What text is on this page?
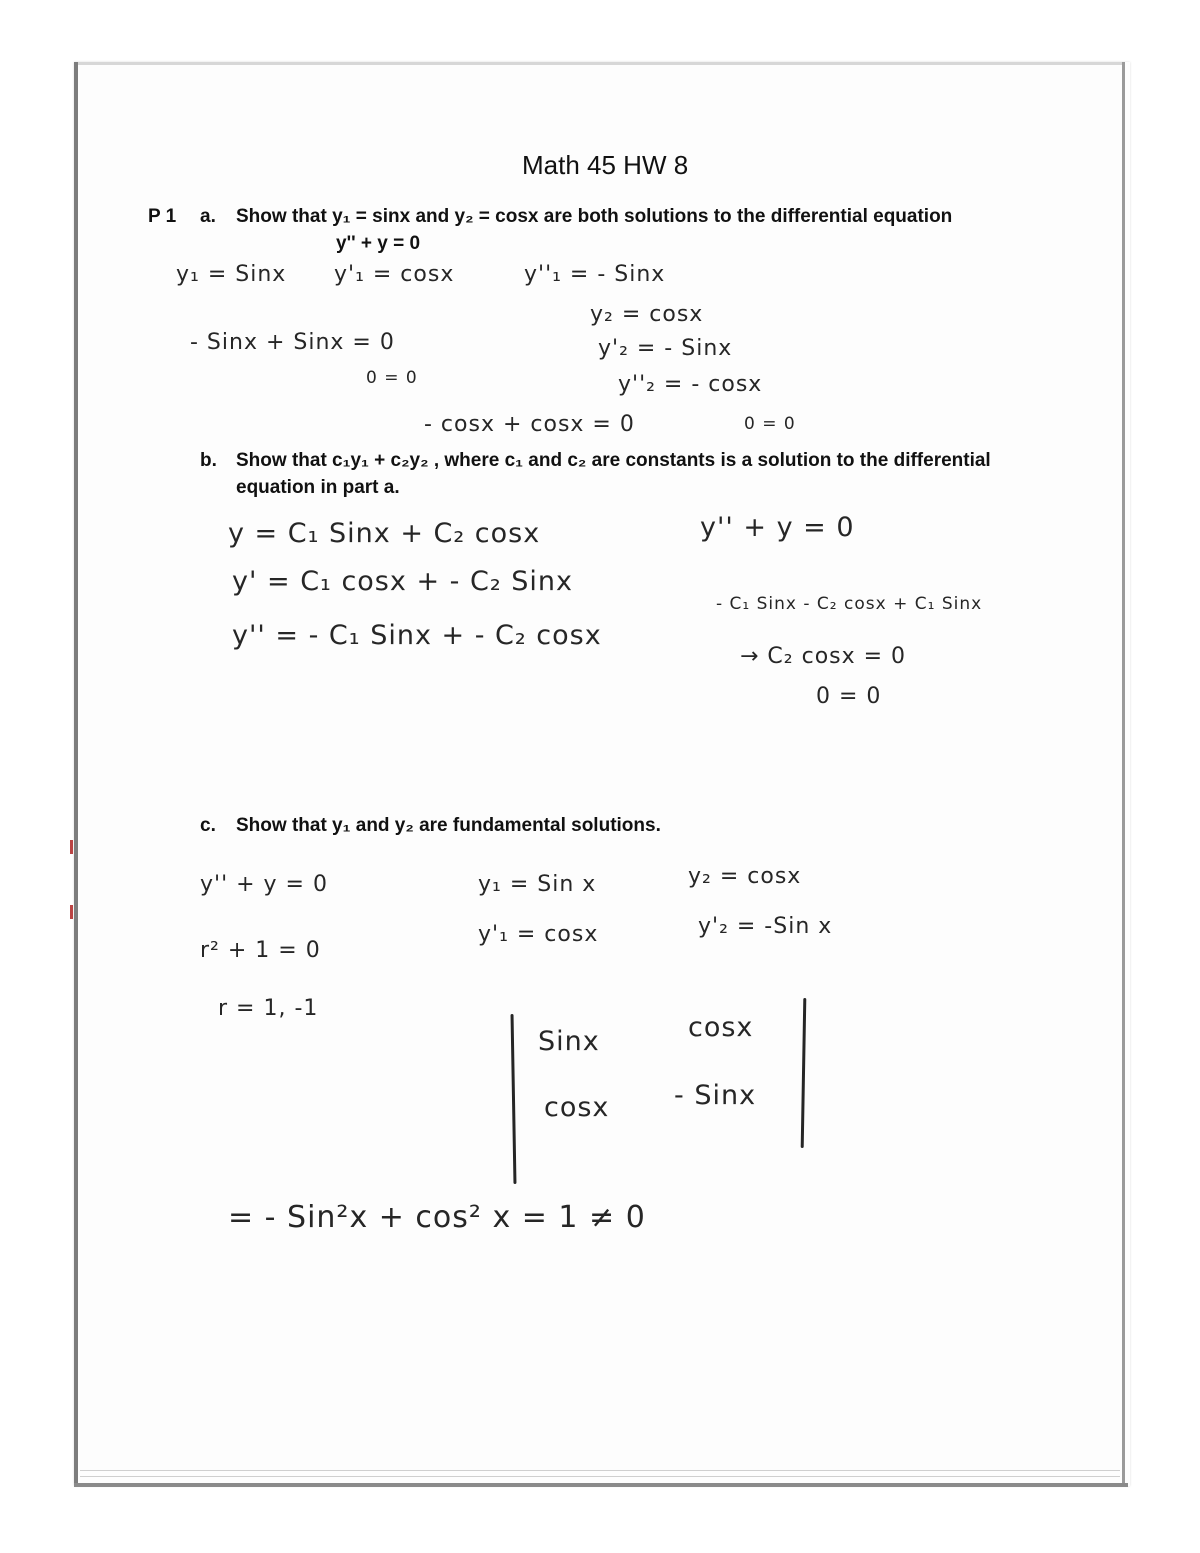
Math 45 HW 8
P 1 a. Show that y₁ = sinx and y₂ = cosx are both solutions to the differential equation
y'' + y = 0
y₁ = Sinx y'₁ = cosx	y''₁ = - Sinx
y₂ = cosx
- Sinx + Sinx = 0	y'₂ = - Sinx
0 = 0	y''₂ = - cosx
- cosx + cosx = 0	0 = 0
b. Show that c₁y₁ + c₂y₂ , where c₁ and c₂ are constants is a solution to the differential
equation in part a.
y = C₁ Sinx + C₂ cosx	y'' + y = 0
y' = C₁ cosx + - C₂ Sinx
- C₁ Sinx - C₂ cosx + C₁ Sinx
y'' = - C₁ Sinx + - C₂ cosx
→ C₂ cosx = 0
0 = 0
c. Show that y₁ and y₂ are fundamental solutions.
y'' + y = 0	y₁ = Sin x	y₂ = cosx
y'₁ = cosx	y'₂ = -Sin x
r² + 1 = 0
r = 1, -1
Sinx	cosx
cosx - Sinx
= - Sin²x + cos² x = 1 ≠ 0
